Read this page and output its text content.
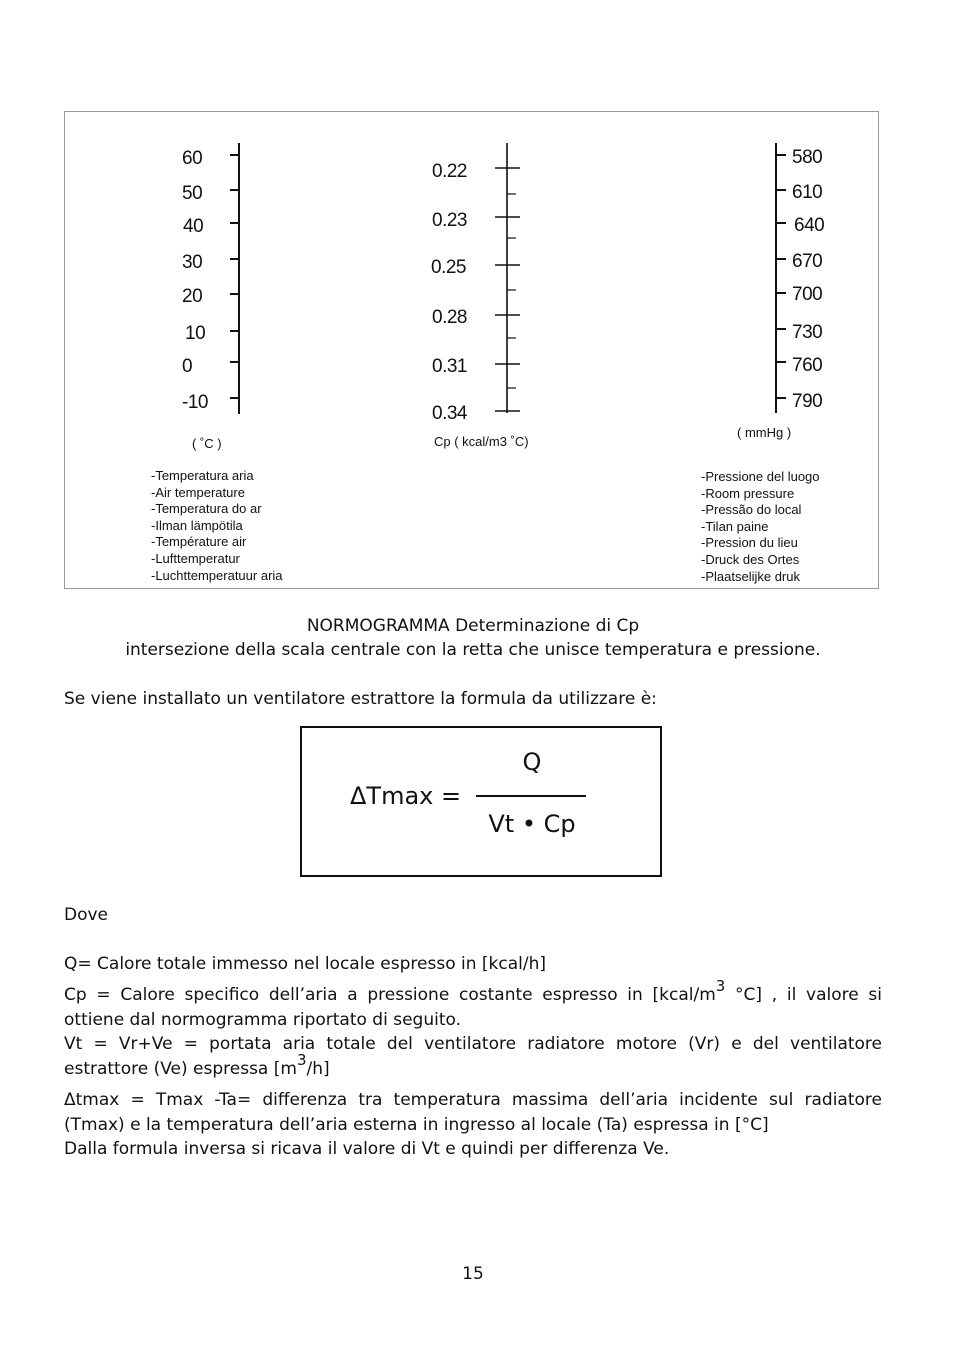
60
50
40
30
20
10
0
-10
( ˚C )
0.22
0.23
0.25
0.28
0.31
0.34
Cp ( kcal/m3 ˚C)
580
610
640
670
700
730
760
790
( mmHg )
-Temperatura aria
-Air temperature
-Temperatura do ar
-Ilman lämpötila
-Température air
-Lufttemperatur
-Luchttemperatuur aria
-Pressione del luogo
-Room pressure
-Pressão do local
-Tilan paine
-Pression du lieu
-Druck des Ortes
-Plaatselijke druk
NORMOGRAMMA Determinazione di Cp
intersezione della scala centrale con la retta che unisce temperatura e pressione.

Se viene installato un ventilatore estrattore la formula da utilizzare è:

ΔTmax =
Q
Vt • Cp

Dove

Q= Calore totale immesso nel locale espresso in [kcal/h]

Cp = Calore specifico dell’aria a pressione costante espresso in [$kcal/m^3$ °C] , il valore si ottiene dal normogramma riportato di seguito.

Vt = Vr+Ve = portata aria totale del ventilatore radiatore motore (Vr) e del ventilatore estrattore (Ve) espressa $[m^3/h]$

Δtmax = Tmax -Ta= differenza tra temperatura massima dell’aria incidente sul radiatore (Tmax) e la temperatura dell’aria esterna in ingresso al locale (Ta) espressa in [°C]

Dalla formula inversa si ricava il valore di Vt e quindi per differenza Ve.

15
